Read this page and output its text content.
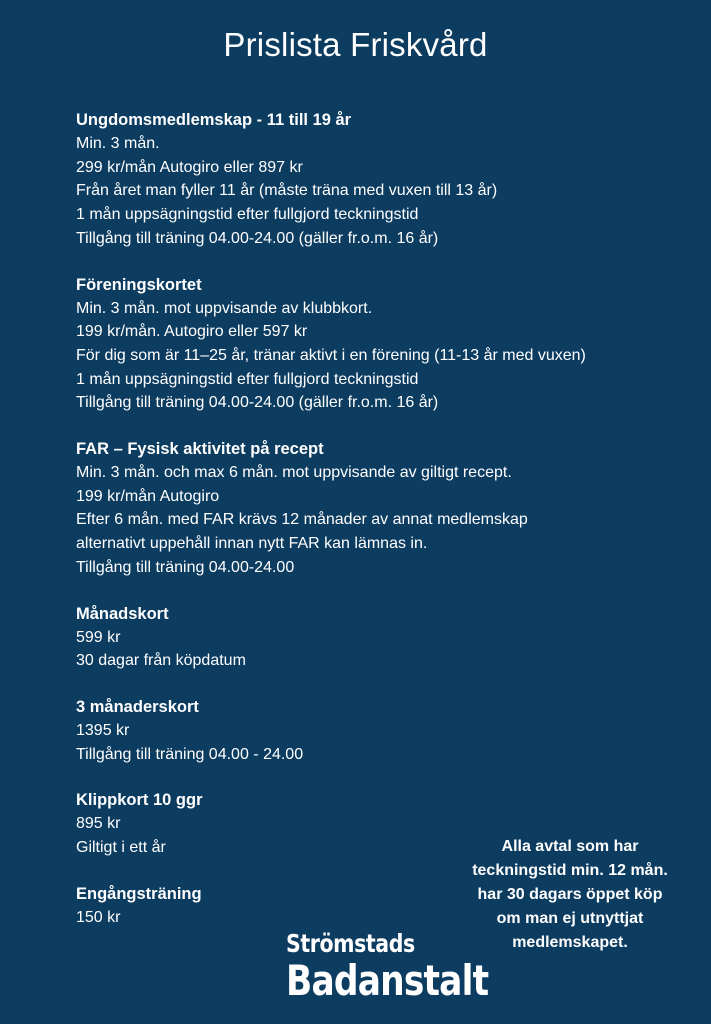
Prislista Friskvård

Ungdomsmedlemskap - 11 till 19 år

Min. 3 mån.

299 kr/mån Autogiro eller 897 kr

Från året man fyller 11 år (måste träna med vuxen till 13 år)

1 mån uppsägningstid efter fullgjord teckningstid

Tillgång till träning 04.00-24.00 (gäller fr.o.m. 16 år)

Föreningskortet

Min. 3 mån. mot uppvisande av klubbkort.

199 kr/mån. Autogiro eller 597 kr

För dig som är 11–25 år, tränar aktivt i en förening (11-13 år med vuxen)

1 mån uppsägningstid efter fullgjord teckningstid

Tillgång till träning 04.00-24.00 (gäller fr.o.m. 16 år)

FAR – Fysisk aktivitet på recept

Min. 3 mån. och max 6 mån. mot uppvisande av giltigt recept.

199 kr/mån Autogiro

Efter 6 mån. med FAR krävs 12 månader av annat medlemskap

alternativt uppehåll innan nytt FAR kan lämnas in.

Tillgång till träning 04.00-24.00

Månadskort

599 kr

30 dagar från köpdatum

3 månaderskort

1395 kr

Tillgång till träning 04.00 - 24.00

Klippkort 10 ggr

895 kr

Giltigt i ett år

Engångsträning

150 kr

Alla avtal som har
teckningstid min. 12 mån.
har 30 dagars öppet köp
om man ej utnyttjat
medlemskapet.
Strömstads
Badanstalt
